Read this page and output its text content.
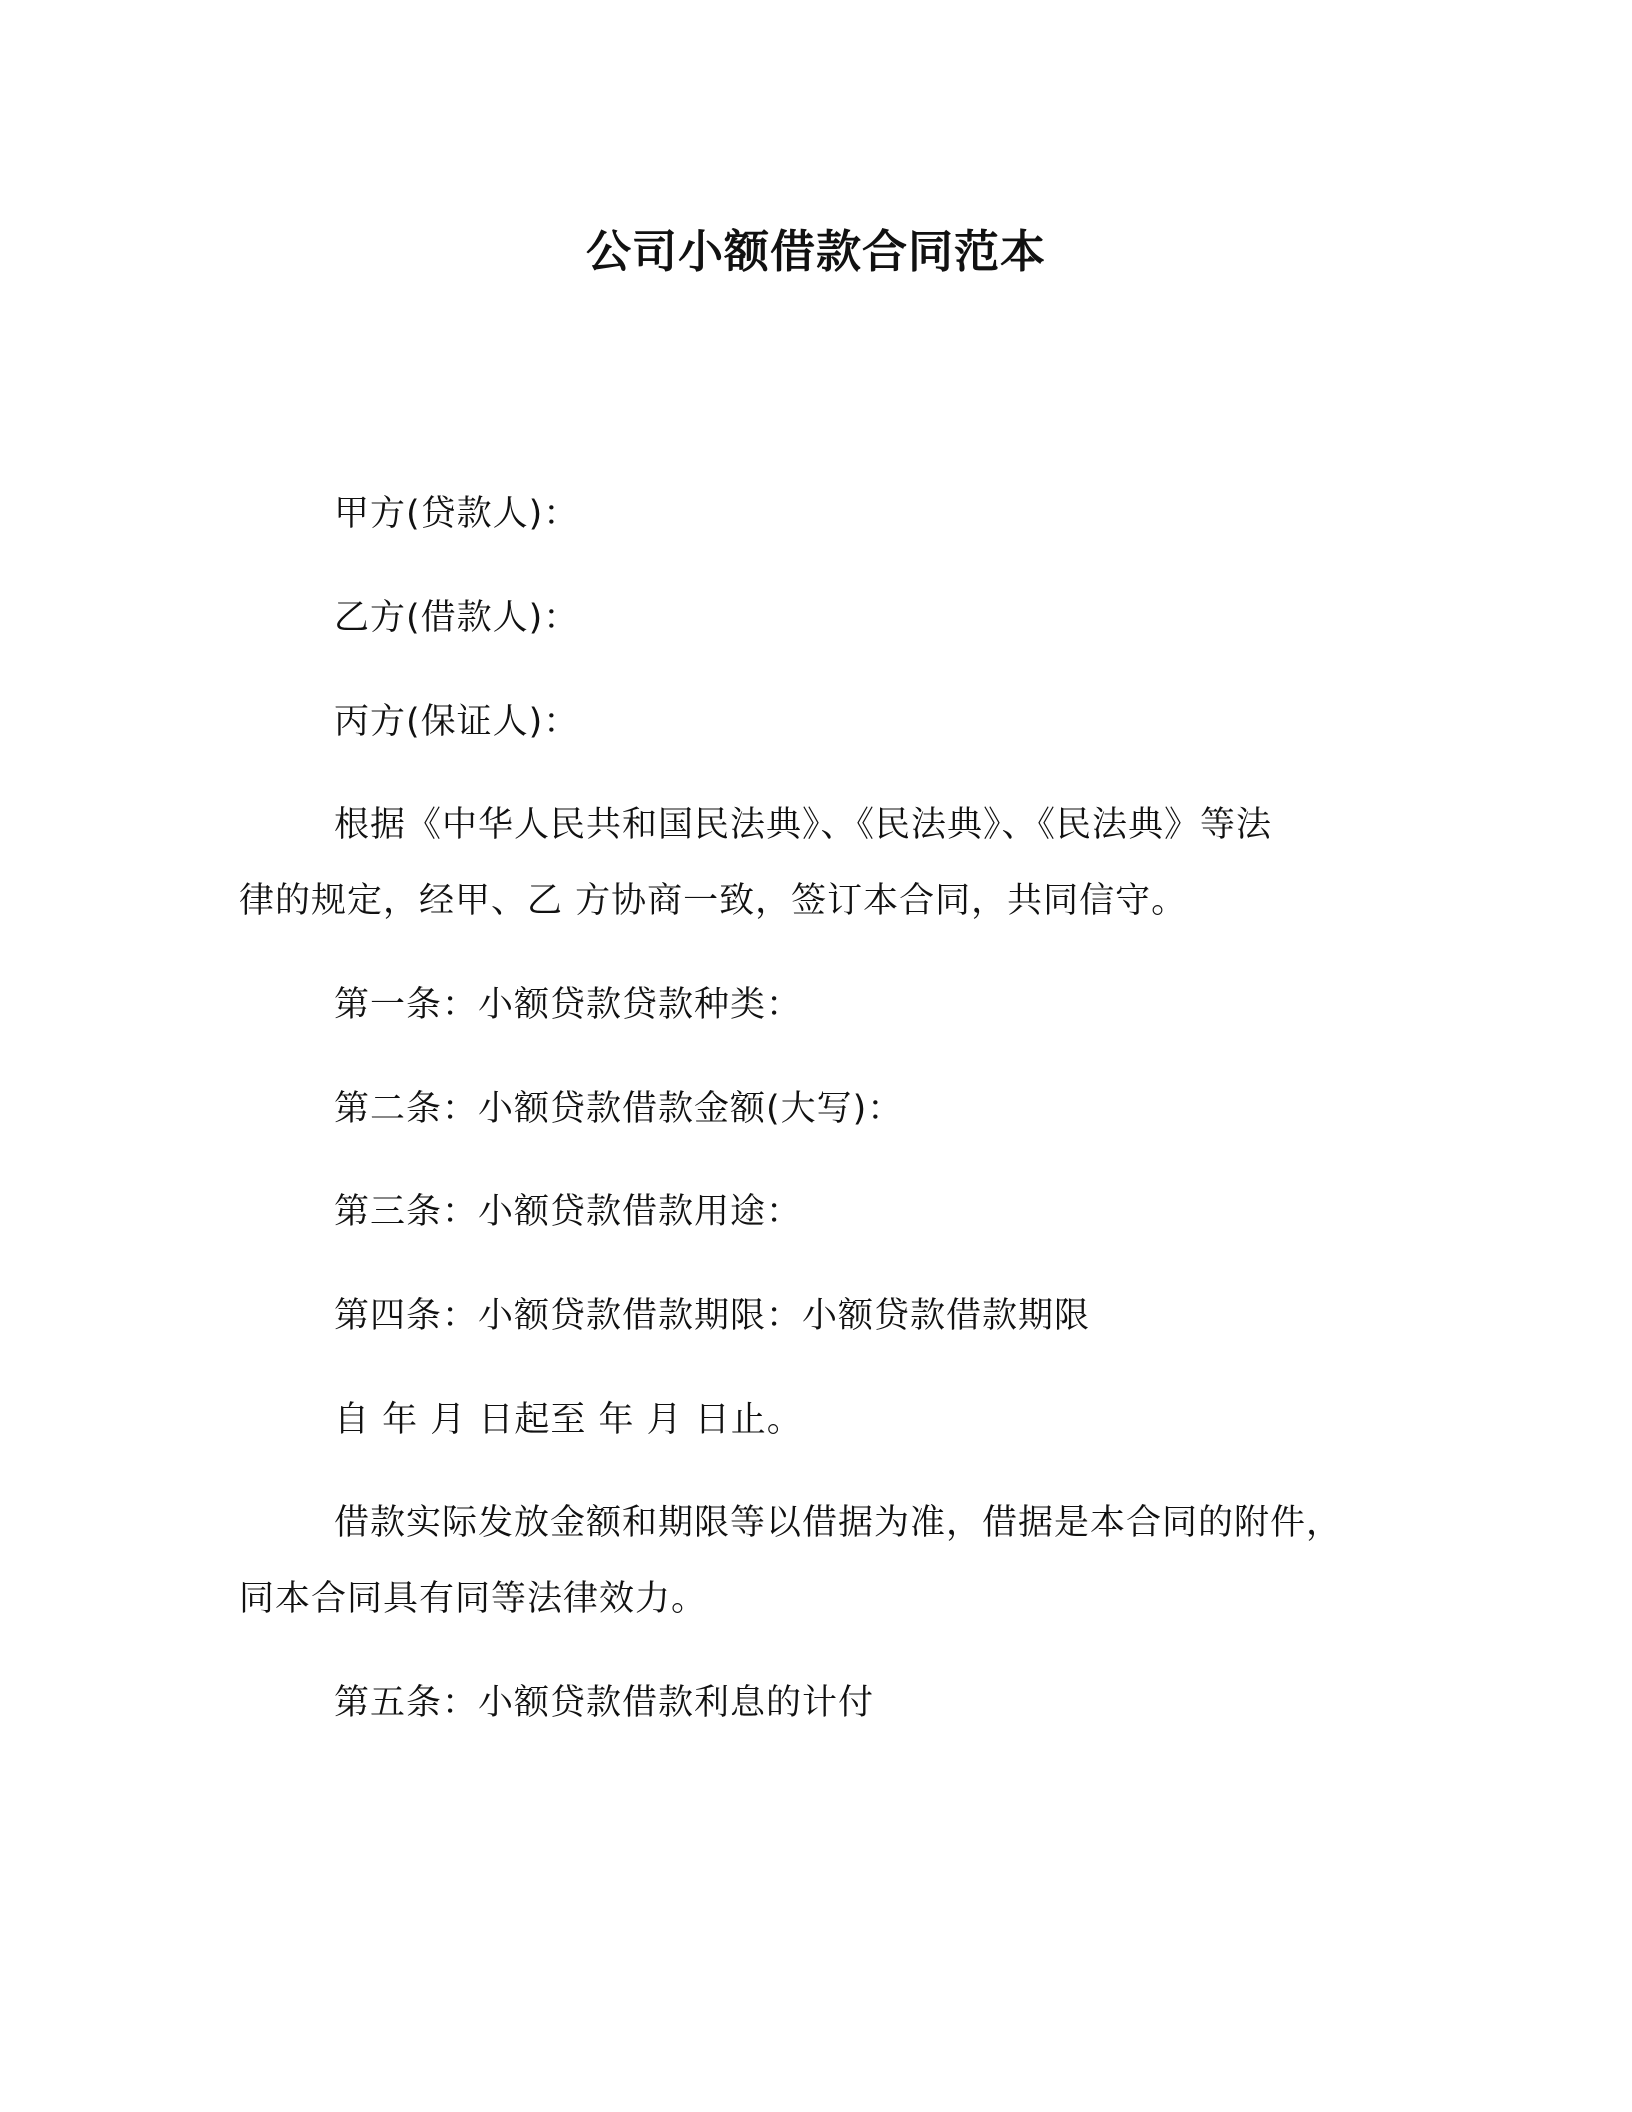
公司小额借款合同范本
甲方(贷款人)：
乙方(借款人)：
丙方(保证人)：
根据《中华人民共和国民法典》、《民法典》、《民法典》等法
律的规定，经甲、乙 方协商一致，签订本合同，共同信守。
第一条：小额贷款贷款种类：
第二条：小额贷款借款金额(大写)：
第三条：小额贷款借款用途：
第四条：小额贷款借款期限：小额贷款借款期限
自 年 月 日起至 年 月 日止。
借款实际发放金额和期限等以借据为准，借据是本合同的附件，
同本合同具有同等法律效力。
第五条：小额贷款借款利息的计付
